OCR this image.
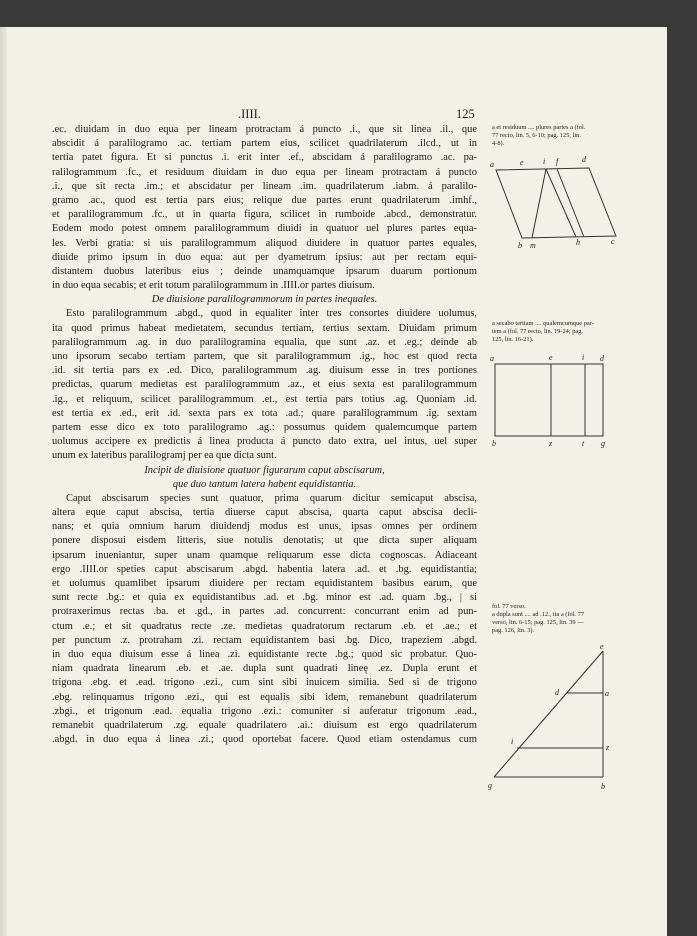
.IIII.	125

.ec. diuidam in duo equa per lineam protractam á puncto .i., que sit linea .il., que

abscidit á paralilogramo .ac. tertiam partem eius, scilicet quadrilaterum .ilcd., ut in

tertia patet figura. Et si punctus .i. erit inter .ef., abscidam á paralilogramo .ac. pa-

ralilogrammum .fc., et residuum diuidam in duo equa per lineam protractam á puncto

.i., que sit recta .im.; et abscidatur per lineam .im. quadrilaterum .iabm. á paralilo-

gramo .ac., quod est tertia pars eius; relique due partes erunt quadrilaterum .imhf.,

et paralilogrammum .fc., ut in quarta figura, scilicet in rumboide .abcd., demonstratur.

Eodem modo potest omnem paralilogrammum diuidi in quatuor uel plures partes equa-

les. Verbi gratia: si uis paralilogrammum aliquod diuidere in quatuor partes equales,

diuide primo ipsum in duo equa: aut per dyametrum ipsius: aut per rectam equi-

distantem duobus lateribus eius ; deinde unamquamque ipsarum duarum portionum

in duo equa secabis; et erit totum paralilogrammum in .IIII.or partes diuisum.

De diuisione paralilogrammorum in partes inequales.

Esto paralilogrammum .abgd., quod in equaliter inter tres consortes diuidere uolumus,

ita quod primus habeat medietatem, secundus tertiam, tertius sextam. Diuidam primum

paralilogrammum .ag. in duo paralilogramina equalia, que sunt .az. et .eg.; deinde ab

uno ipsorum secabo tertiam partem, que sit paralilogrammum .ig., hoc est quod recta

.id. sit tertia pars ex .ed. Dico, paralilogrammum .ag. diuisum esse in tres portiones

predictas, quarum medietas est paralilogrammum .az., et eius sexta est paralilogrammum

.ig., et reliquum, scilicet paralilogrammum .et., est tertia pars totius .ag. Quoniam .id.

est tertia ex .ed., erit .id. sexta pars ex tota .ad.; quare paralilogrammum .ig. sextam

partem esse dico ex toto paralilogramo .ag.: possumus quidem qualemcumque partem

uolumus accipere ex predictis á linea producta á puncto dato extra, uel intus, uel super

unum ex lateribus paralilogramj per ea que dicta sunt.

Incipit de diuisione quatuor figurarum caput abscisarum,

que duo tantum latera habent equidistantia.

Caput abscisarum species sunt quatuor, prima quarum dicitur semicaput abscisa,

altera eque caput abscisa, tertia diuerse caput abscisa, quarta caput abscisa decli-

nans; et quia omnium harum diuidendj modus est unus, ipsas omnes per ordinem

ponere disposui eisdem litteris, siue notulis denotatis; ut que dicta super aliquam

ipsarum inueniantur, super unam quamque reliquarum esse dicta cognoscas. Adiaceant

ergo .IIII.or speties caput abscisarum .abgd. habentia latera .ad. et .bg. equidistantia;

et uolumus quamlibet ipsarum diuidere per rectam equidistantem basibus earum, que

sunt recte .bg.: et quia ex equidistantibus .ad. et .bg. minor est .ad. quam .bg., | si

protraxerimus rectas .ba. et .gd., in partes .ad. concurrent: concurrant enim ad pun-

ctum .e.; et sit quadratus recte .ze. medietas quadratorum rectarum .eb. et .ae.; et

per punctum .z. protraham .zi. rectam equidistantem basi .bg. Dico, trapeziem .abgd.

in duo equa diuisum esse á linea .zi. equidistante recte .bg.; quod sic probatur. Quo-

niam quadrata linearum .eb. et .ae. dupla sunt quadrati lineę .ez. Dupla erunt et

trigona .ebg. et .ead. trigono .ezi., cum sint sibi inuicem similia. Sed si de trigono

.ebg. relinquamus trigono .ezi., qui est equalis sibi idem, remanebunt quadrilaterum

.zbgi., et trigonum .ead. equalia trigono .ezi.: comuniter si auferatur trigonum .ead.,

remanebit quadrilaterum .zg. equale quadrilatero .ai.: diuisum est ergo quadrilaterum

.abgd. in duo equa á linea .zi.; quod oportebat facere. Quod etiam ostendamus cum

a et residuum .... plures partes a (fol.
77 recto, lin. 5, 6-10; pag. 125, lin.
4-8).
a secabo tertiam .... qualemcumque par-
tem a (fol. 77 recto, lin. 19-24; pag.
125, lin. 16-21).
fol. 77 verso.
a dupla sunt .... ad .12., ita a (fol. 77
verso, lin. 6-15; pag. 125, lin. 39 —
pag. 126, lin. 3).
a	e i f	d
b m	h	c
a	e	i d
b	z	t g
e
d	a
i
z
g	b
